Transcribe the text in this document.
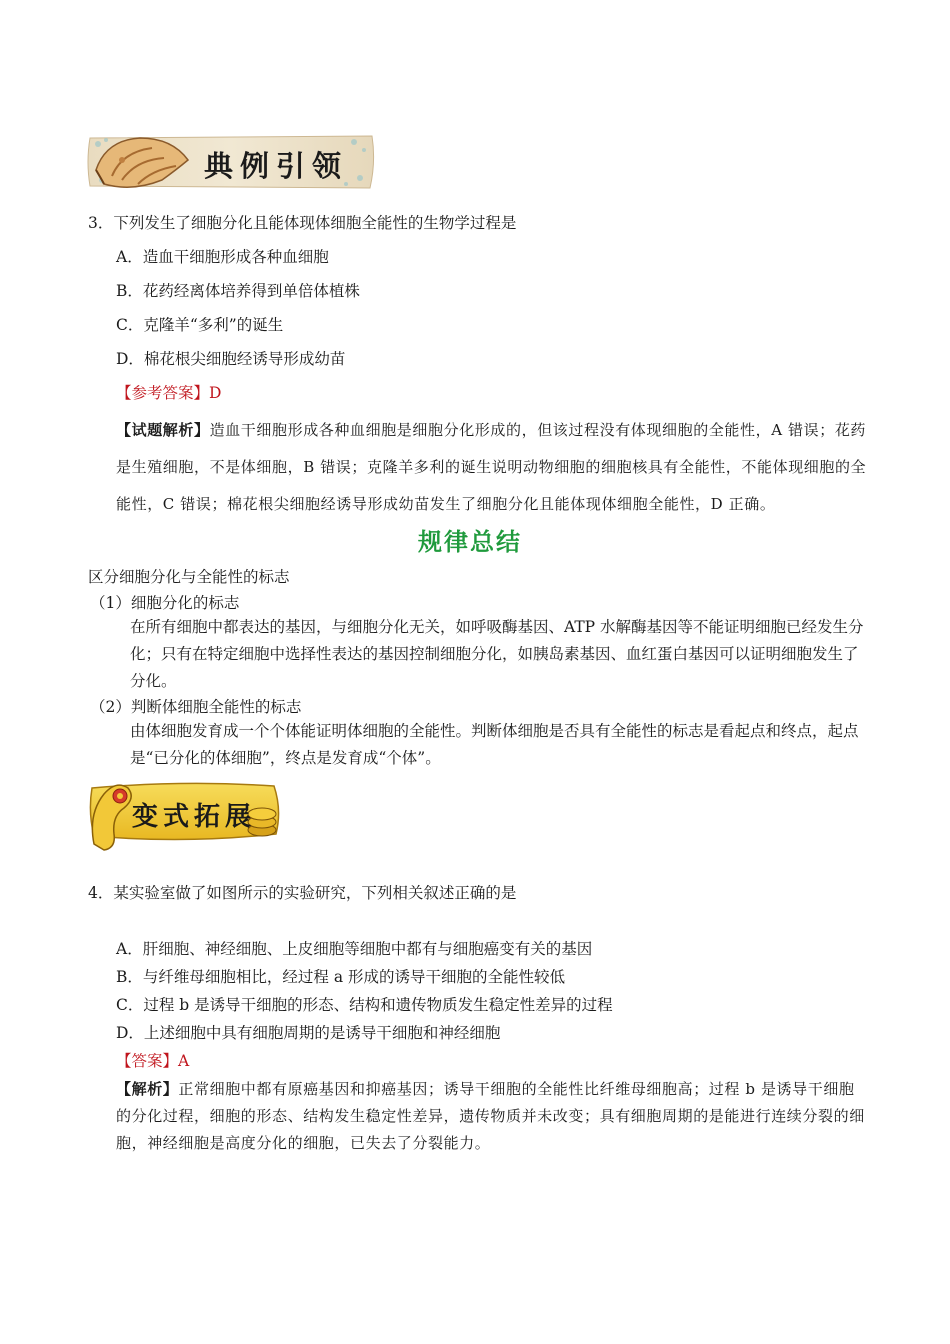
典例引领
3．下列发生了细胞分化且能体现体细胞全能性的生物学过程是
A．造血干细胞形成各种血细胞
B．花药经离体培养得到单倍体植株
C．克隆羊“多利”的诞生
D．棉花根尖细胞经诱导形成幼苗
【参考答案】D
【试题解析】造血干细胞形成各种血细胞是细胞分化形成的，但该过程没有体现细胞的全能性，A 错误；花药是生殖细胞，不是体细胞，B 错误；克隆羊多利的诞生说明动物细胞的细胞核具有全能性，不能体现细胞的全能性，C 错误；棉花根尖细胞经诱导形成幼苗发生了细胞分化且能体现体细胞全能性，D 正确。
规律总结
区分细胞分化与全能性的标志
（1）细胞分化的标志
在所有细胞中都表达的基因，与细胞分化无关，如呼吸酶基因、ATP 水解酶基因等不能证明细胞已经发生分化；只有在特定细胞中选择性表达的基因控制细胞分化，如胰岛素基因、血红蛋白基因可以证明细胞发生了分化。
（2）判断体细胞全能性的标志
由体细胞发育成一个个体能证明体细胞的全能性。判断体细胞是否具有全能性的标志是看起点和终点，起点是“已分化的体细胞”，终点是发育成“个体”。
变式拓展
4．某实验室做了如图所示的实验研究，下列相关叙述正确的是
A．肝细胞、神经细胞、上皮细胞等细胞中都有与细胞癌变有关的基因
B．与纤维母细胞相比，经过程 a 形成的诱导干细胞的全能性较低
C．过程 b 是诱导干细胞的形态、结构和遗传物质发生稳定性差异的过程
D．上述细胞中具有细胞周期的是诱导干细胞和神经细胞
【答案】A
【解析】正常细胞中都有原癌基因和抑癌基因；诱导干细胞的全能性比纤维母细胞高；过程 b 是诱导干细胞的分化过程，细胞的形态、结构发生稳定性差异，遗传物质并未改变；具有细胞周期的是能进行连续分裂的细胞，神经细胞是高度分化的细胞，已失去了分裂能力。
